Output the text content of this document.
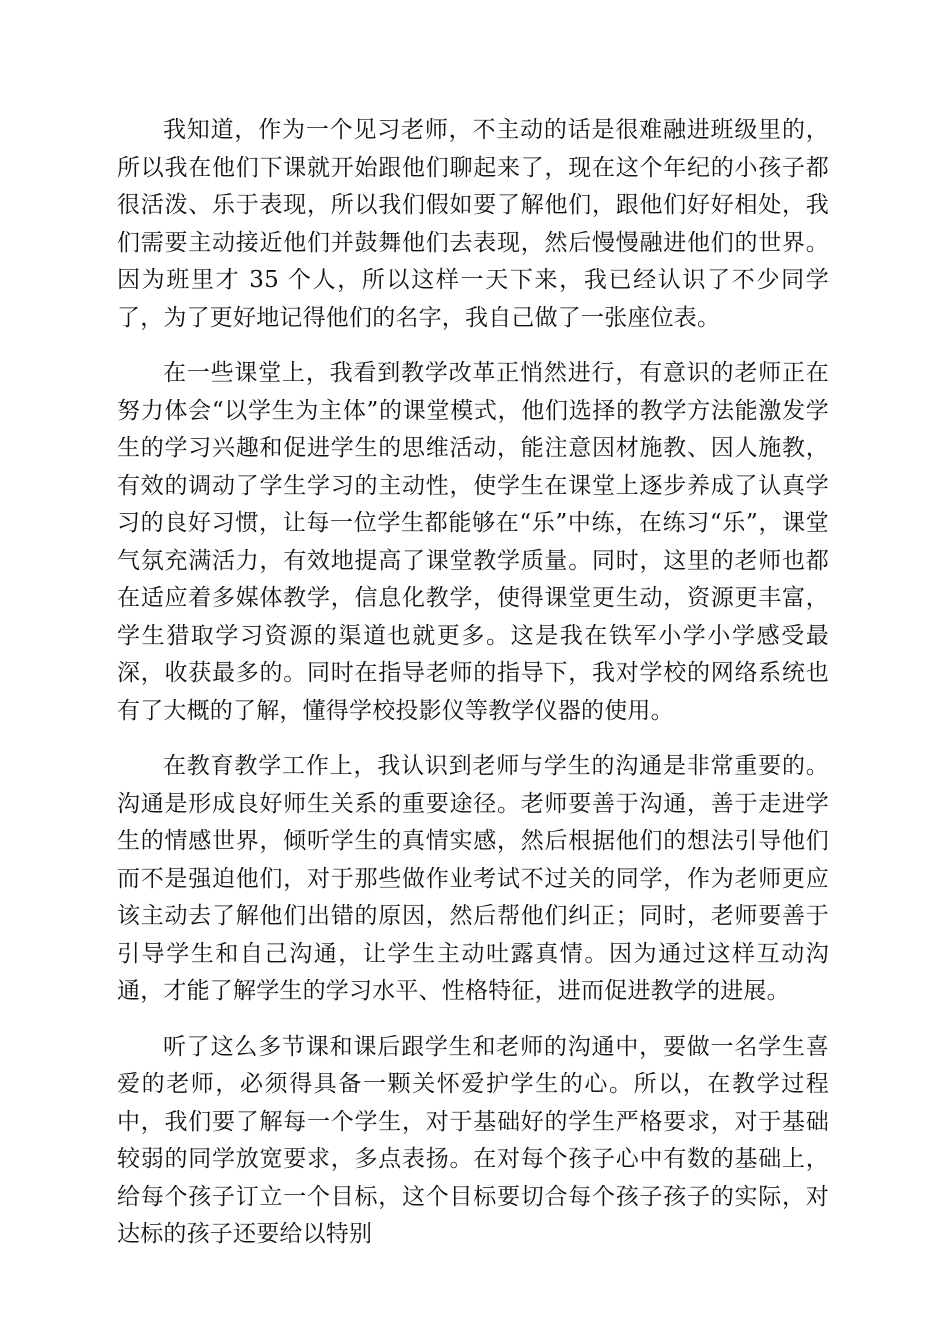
我知道，作为一个见习老师，不主动的话是很难融进班级里的，所以我在他们下课就开始跟他们聊起来了，现在这个年纪的小孩子都很活泼、乐于表现，所以我们假如要了解他们，跟他们好好相处，我们需要主动接近他们并鼓舞他们去表现，然后慢慢融进他们的世界。因为班里才 35 个人，所以这样一天下来，我已经认识了不少同学了，为了更好地记得他们的名字，我自己做了一张座位表。

在一些课堂上，我看到教学改革正悄然进行，有意识的老师正在努力体会“以学生为主体”的课堂模式，他们选择的教学方法能激发学生的学习兴趣和促进学生的思维活动，能注意因材施教、因人施教，有效的调动了学生学习的主动性，使学生在课堂上逐步养成了认真学习的良好习惯，让每一位学生都能够在“乐”中练，在练习“乐”，课堂气氛充满活力，有效地提高了课堂教学质量。同时，这里的老师也都在适应着多媒体教学，信息化教学，使得课堂更生动，资源更丰富，学生猎取学习资源的渠道也就更多。这是我在铁军小学小学感受最深，收获最多的。同时在指导老师的指导下，我对学校的网络系统也有了大概的了解，懂得学校投影仪等教学仪器的使用。

在教育教学工作上，我认识到老师与学生的沟通是非常重要的。沟通是形成良好师生关系的重要途径。老师要善于沟通，善于走进学生的情感世界，倾听学生的真情实感，然后根据他们的想法引导他们而不是强迫他们，对于那些做作业考试不过关的同学，作为老师更应该主动去了解他们出错的原因，然后帮他们纠正；同时，老师要善于引导学生和自己沟通，让学生主动吐露真情。因为通过这样互动沟通，才能了解学生的学习水平、性格特征，进而促进教学的进展。

听了这么多节课和课后跟学生和老师的沟通中，要做一名学生喜爱的老师，必须得具备一颗关怀爱护学生的心。所以，在教学过程中，我们要了解每一个学生，对于基础好的学生严格要求，对于基础较弱的同学放宽要求，多点表扬。在对每个孩子心中有数的基础上，给每个孩子订立一个目标，这个目标要切合每个孩子孩子的实际，对达标的孩子还要给以特别
